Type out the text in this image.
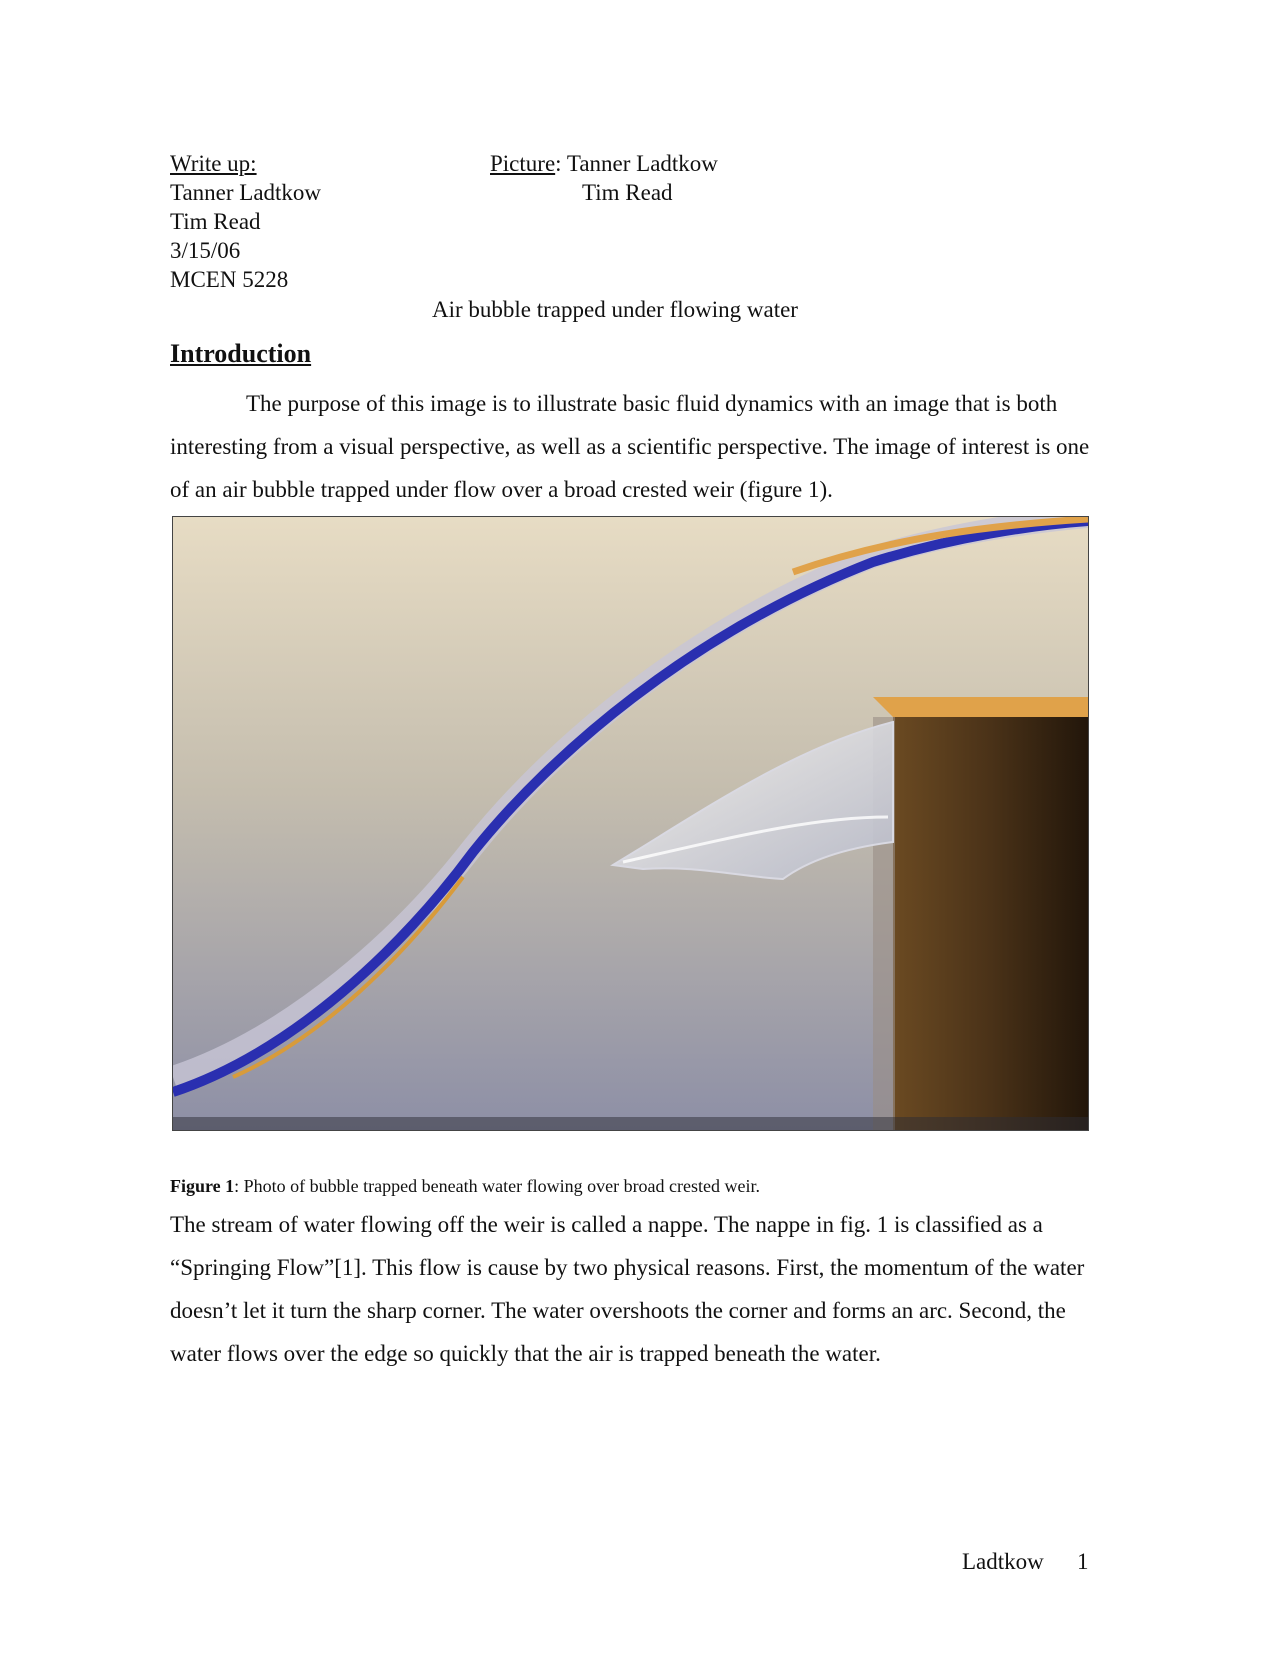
Write up:
Tanner Ladtkow
Tim Read
3/15/06
MCEN 5228
Picture: Tanner Ladtkow
Tim Read
Air bubble trapped under flowing water
Introduction
The purpose of this image is to illustrate basic fluid dynamics with an image that is both interesting from a visual perspective, as well as a scientific perspective. The image of interest is one of an air bubble trapped under flow over a broad crested weir (figure 1).
Figure 1: Photo of bubble trapped beneath water flowing over broad crested weir.
The stream of water flowing off the weir is called a nappe. The nappe in fig. 1 is classified as a “Springing Flow”[1]. This flow is cause by two physical reasons. First, the momentum of the water doesn’t let it turn the sharp corner. The water overshoots the corner and forms an arc. Second, the water flows over the edge so quickly that the air is trapped beneath the water.
Ladtkow 1
